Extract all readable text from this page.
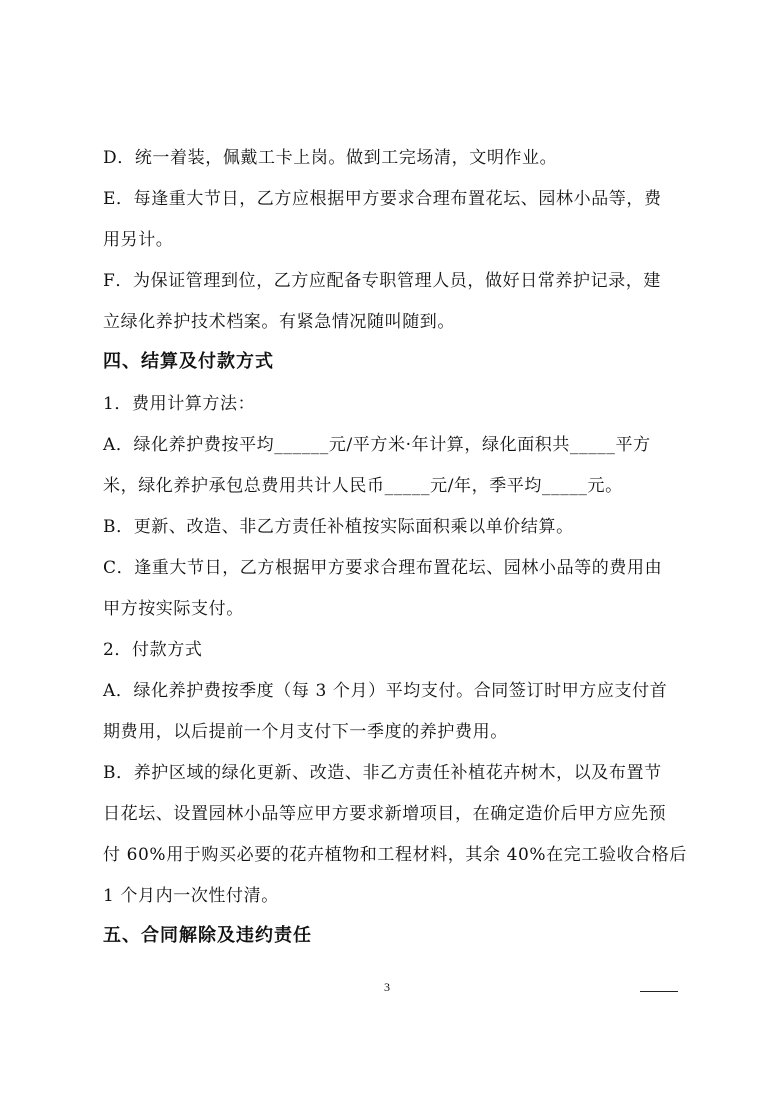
D．统一着装，佩戴工卡上岗。做到工完场清，文明作业。
E．每逢重大节日，乙方应根据甲方要求合理布置花坛、园林小品等，费
用另计。
F．为保证管理到位，乙方应配备专职管理人员，做好日常养护记录，建
立绿化养护技术档案。有紧急情况随叫随到。
四、结算及付款方式
1．费用计算方法：
A．绿化养护费按平均______元/平方米·年计算，绿化面积共_____平方
米，绿化养护承包总费用共计人民币_____元/年，季平均_____元。
B．更新、改造、非乙方责任补植按实际面积乘以单价结算。
C．逢重大节日，乙方根据甲方要求合理布置花坛、园林小品等的费用由
甲方按实际支付。
2．付款方式
A．绿化养护费按季度（每 3 个月）平均支付。合同签订时甲方应支付首
期费用，以后提前一个月支付下一季度的养护费用。
B．养护区域的绿化更新、改造、非乙方责任补植花卉树木，以及布置节
日花坛、设置园林小品等应甲方要求新增项目，在确定造价后甲方应先预
付 60%用于购买必要的花卉植物和工程材料，其余 40%在完工验收合格后
1 个月内一次性付清。
五、合同解除及违约责任
3
